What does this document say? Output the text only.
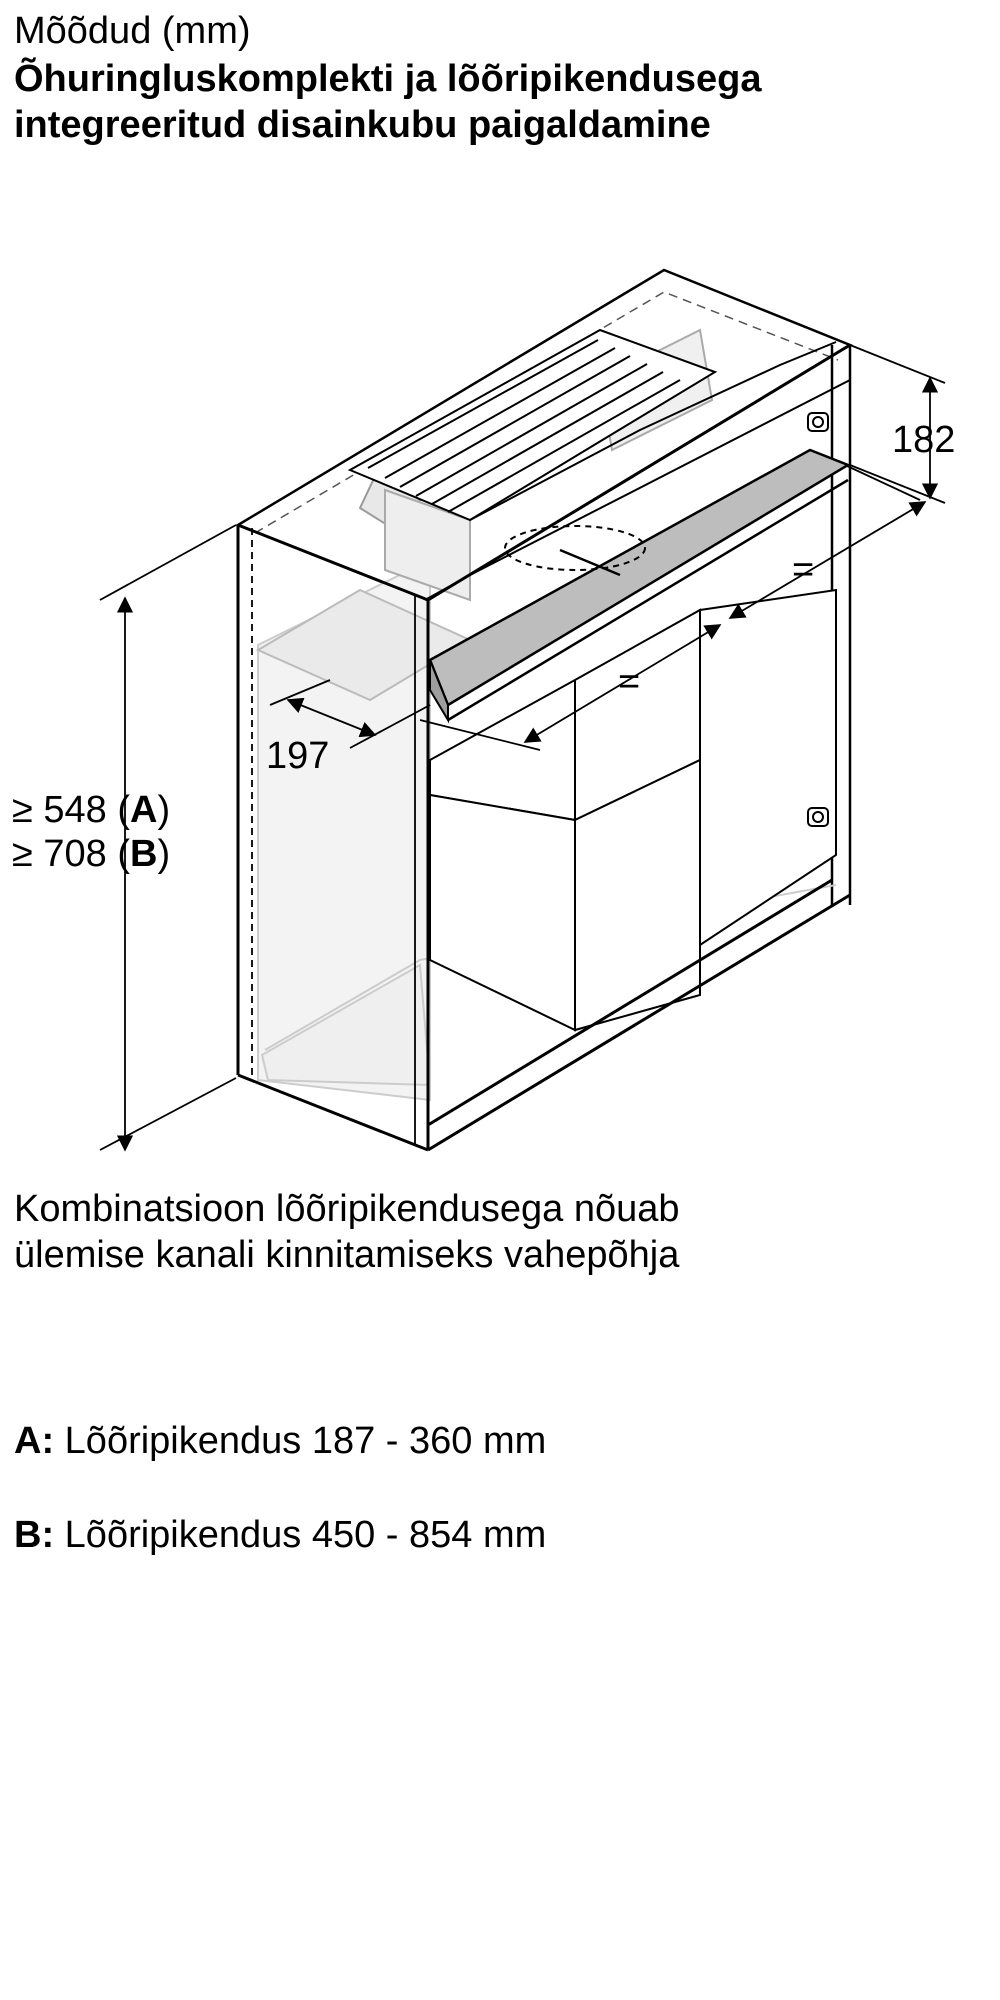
Mõõdud (mm)
Õhuringluskomplekti ja lõõripikendusega
integreeritud disainkubu paigaldamine
182
197
=
=
≥ 548 (A)
≥ 708 (B)
Kombinatsioon lõõripikendusega nõuab
ülemise kanali kinnitamiseks vahepõhja
A: Lõõripikendus 187 - 360 mm
B: Lõõripikendus 450 - 854 mm
